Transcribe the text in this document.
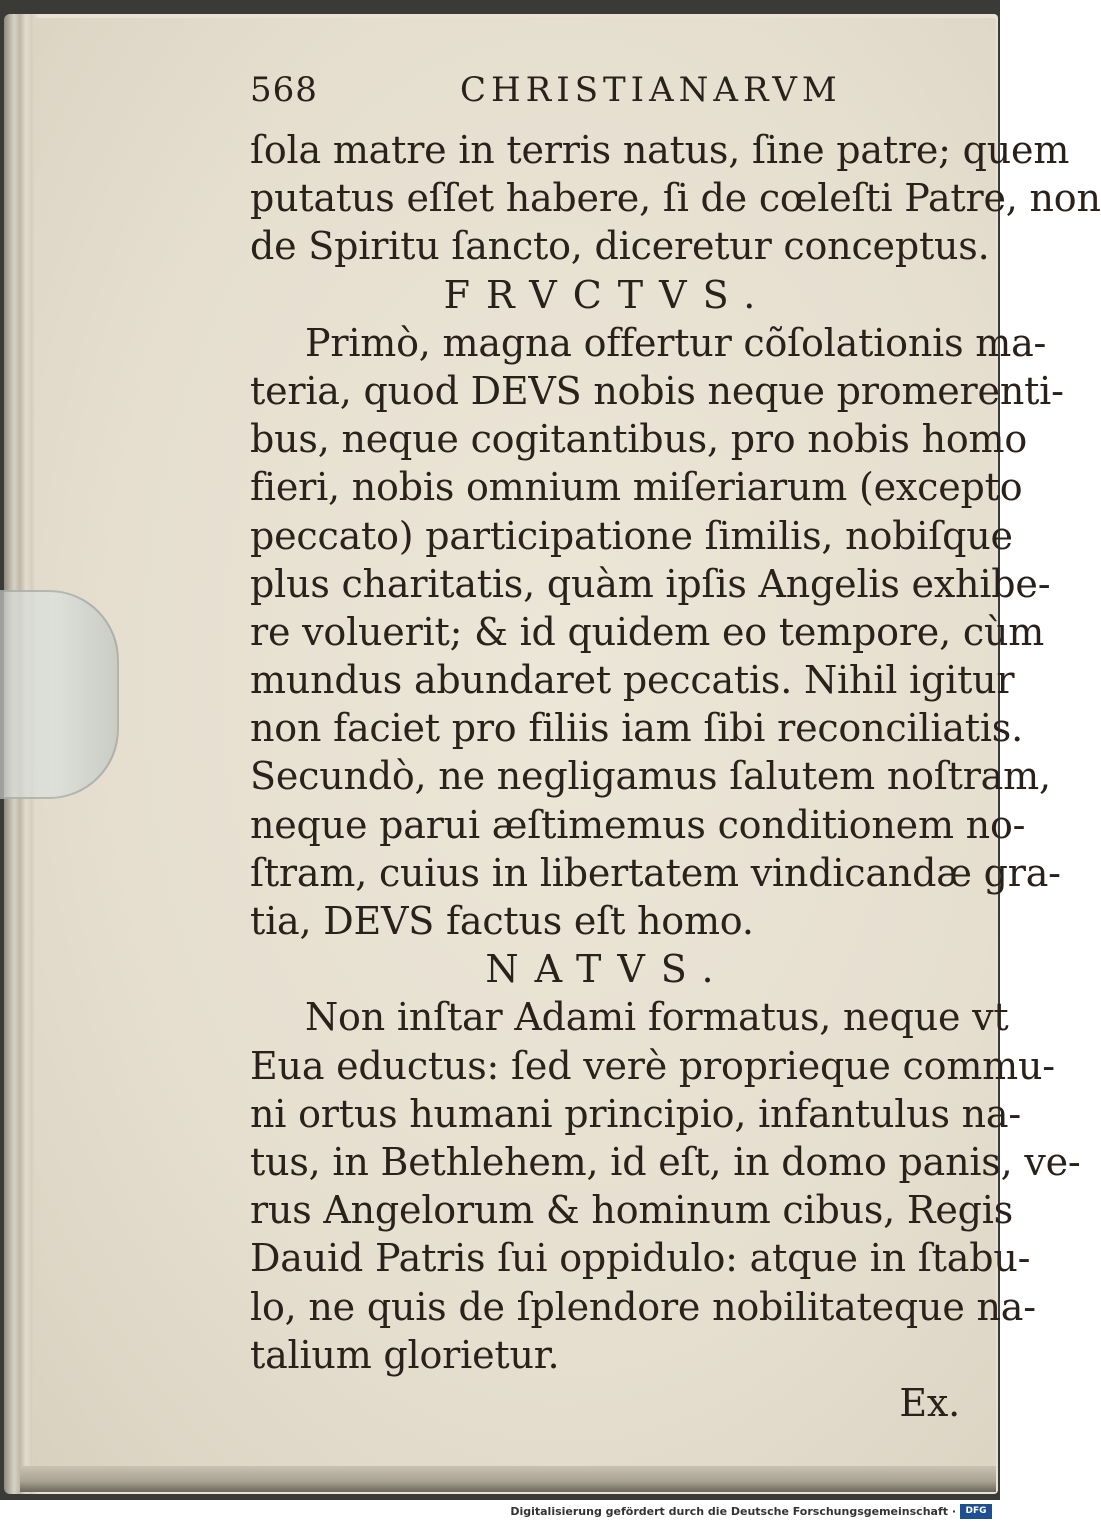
568	CHRISTIANARVM
ſola matre in terris natus, ſine patre; quem
putatus eſſet habere, ſi de cœleſti Patre, non
de Spiritu ſancto, diceretur conceptus.
FRVCTVS.
Primò, magna offertur cõſolationis ma-
teria, quod DEVS nobis neque promerenti-
bus, neque cogitantibus, pro nobis homo
fieri, nobis omnium miſeriarum (excepto
peccato) participatione ſimilis, nobiſque
plus charitatis, quàm ipſis Angelis exhibe-
re voluerit; & id quidem eo tempore, cùm
mundus abundaret peccatis. Nihil igitur
non faciet pro filiis iam ſibi reconciliatis.
Secundò, ne negligamus ſalutem noſtram,
neque parui æſtimemus conditionem no-
ſtram, cuius in libertatem vindicandæ gra-
tia, DEVS factus eſt homo.
NATVS.
Non inſtar Adami formatus, neque vt
Eua eductus: ſed verè proprieque commu-
ni ortus humani principio, infantulus na-
tus, in Bethlehem, id eſt, in domo panis, ve-
rus Angelorum & hominum cibus, Regis
Dauid Patris ſui oppidulo: atque in ſtabu-
lo, ne quis de ſplendore nobilitateque na-
talium glorietur.
Ex.
Digitalisierung gefördert durch die Deutsche Forschungsgemeinschaft ·	DFG
